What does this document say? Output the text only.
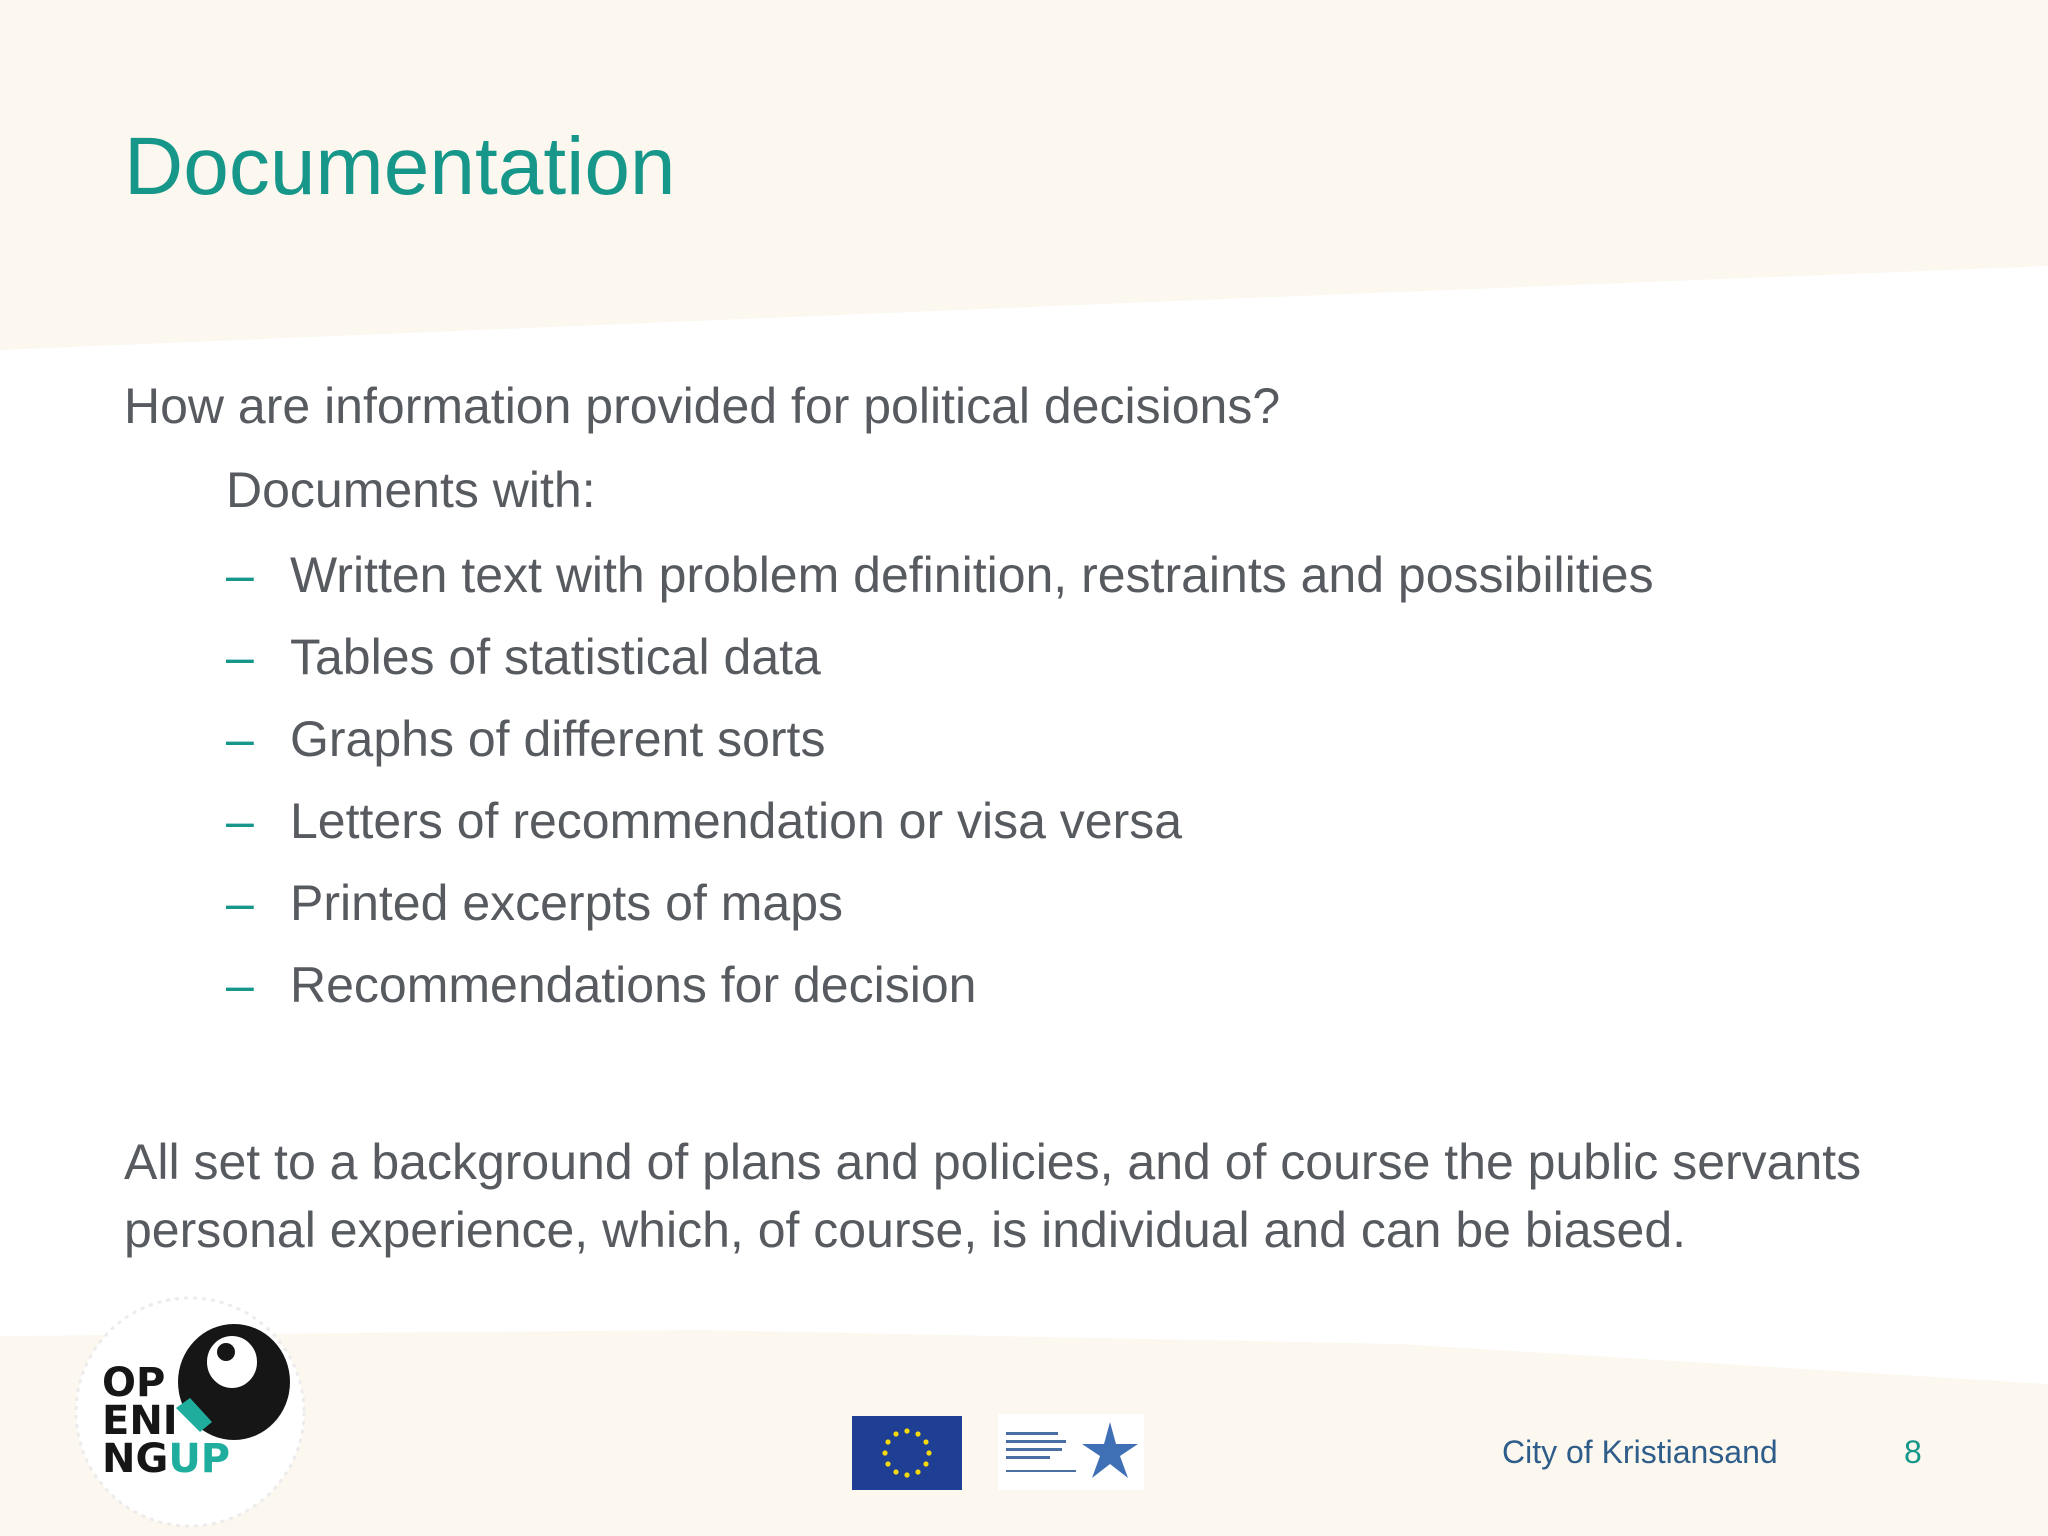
Documentation

How are information provided for political decisions?

Documents with:

– Written text with problem definition, restraints and possibilities
– Tables of statistical data
– Graphs of different sorts
– Letters of recommendation or visa versa
– Printed excerpts of maps
– Recommendations for decision

All set to a background of plans and policies, and of course the public servants personal experience, which, of course, is individual and can be biased.

OP
ENI
NGUP	City of Kristiansand	8
